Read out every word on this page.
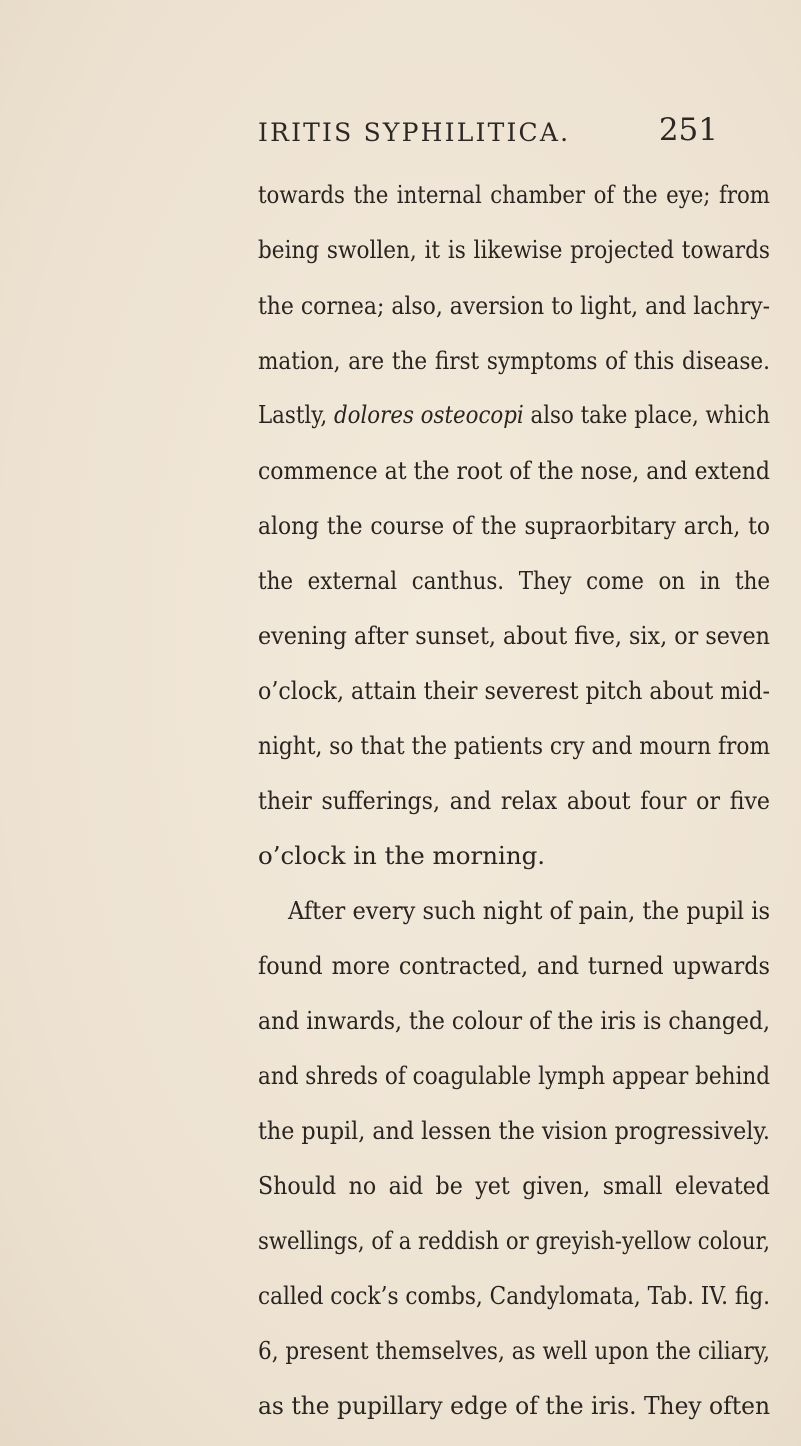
IRITIS SYPHILITICA.	251
towards the internal chamber of the eye; from
being swollen, it is likewise projected towards
the cornea; also, aversion to light, and lachry-
mation, are the first symptoms of this disease.
Lastly, dolores osteocopi also take place, which
commence at the root of the nose, and extend
along the course of the supraorbitary arch, to
the external canthus. They come on in the
evening after sunset, about five, six, or seven
o’clock, attain their severest pitch about mid-
night, so that the patients cry and mourn from
their sufferings, and relax about four or five
o’clock in the morning.
After every such night of pain, the pupil is
found more contracted, and turned upwards
and inwards, the colour of the iris is changed,
and shreds of coagulable lymph appear behind
the pupil, and lessen the vision progressively.
Should no aid be yet given, small elevated
swellings, of a reddish or greyish-yellow colour,
called cock’s combs, Candylomata, Tab. IV. fig.
6, present themselves, as well upon the ciliary,
as the pupillary edge of the iris. They often
